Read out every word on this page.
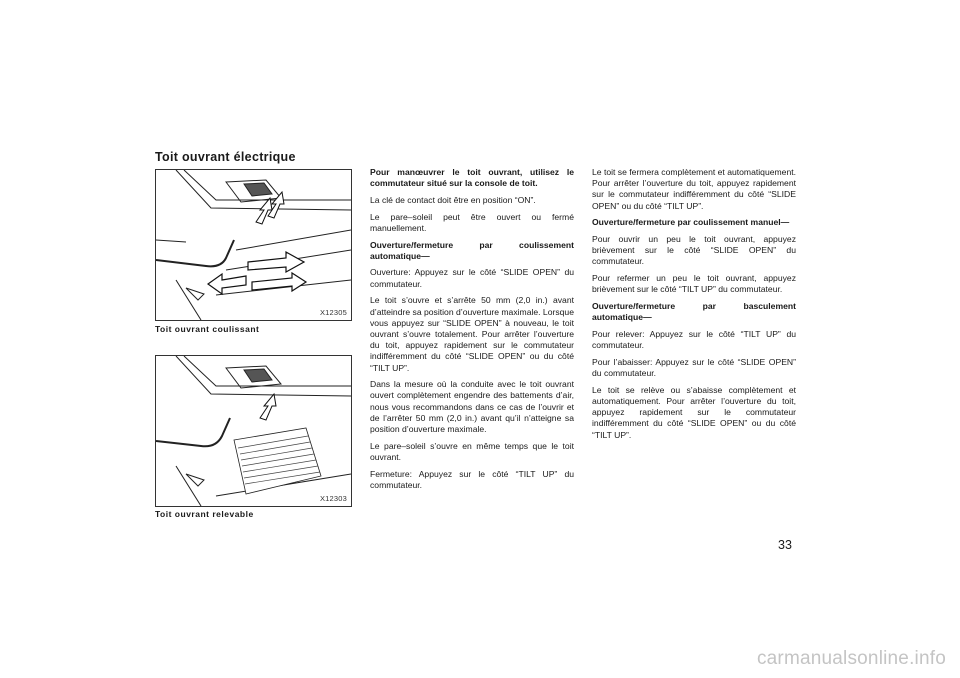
Toit ouvrant électrique
X12305
Toit ouvrant coulissant
X12303
Toit ouvrant relevable

Pour manœuvrer le toit ouvrant, utilisez le commutateur situé sur la console de toit.

La clé de contact doit être en position “ON”.

Le pare–soleil peut être ouvert ou fermé manuellement.

Ouverture/fermeture par coulissement automatique—

Ouverture: Appuyez sur le côté “SLIDE OPEN” du commutateur.

Le toit s’ouvre et s’arrête 50 mm (2,0 in.) avant d’atteindre sa position d’ouverture maximale. Lorsque vous appuyez sur “SLIDE OPEN” à nouveau, le toit ouvrant s’ouvre totalement. Pour arrêter l’ouverture du toit, appuyez rapidement sur le commutateur indifféremment du côté “SLIDE OPEN” ou du côté “TILT UP”.

Dans la mesure où la conduite avec le toit ouvrant ouvert complètement engendre des battements d’air, nous vous recommandons dans ce cas de l’ouvrir et de l’arrêter 50 mm (2,0 in.) avant qu’il n’atteigne sa position d’ouverture maximale.

Le pare–soleil s’ouvre en même temps que le toit ouvrant.

Fermeture: Appuyez sur le côté “TILT UP” du commutateur.

Le toit se fermera complètement et automatiquement. Pour arrêter l’ouverture du toit, appuyez rapidement sur le commutateur indifféremment du côté “SLIDE OPEN” ou du côté “TILT UP”.

Ouverture/fermeture par coulissement manuel—

Pour ouvrir un peu le toit ouvrant, appuyez brièvement sur le côté “SLIDE OPEN” du commutateur.

Pour refermer un peu le toit ouvrant, appuyez brièvement sur le côté “TILT UP” du commutateur.

Ouverture/fermeture par basculement automatique—

Pour relever: Appuyez sur le côté “TILT UP” du commutateur.

Pour l’abaisser: Appuyez sur le côté “SLIDE OPEN” du commutateur.

Le toit se relève ou s’abaisse complètement et automatiquement. Pour arrêter l’ouverture du toit, appuyez rapidement sur le commutateur indifféremment du côté “SLIDE OPEN” ou du côté “TILT UP”.

33
carmanualsonline.info
